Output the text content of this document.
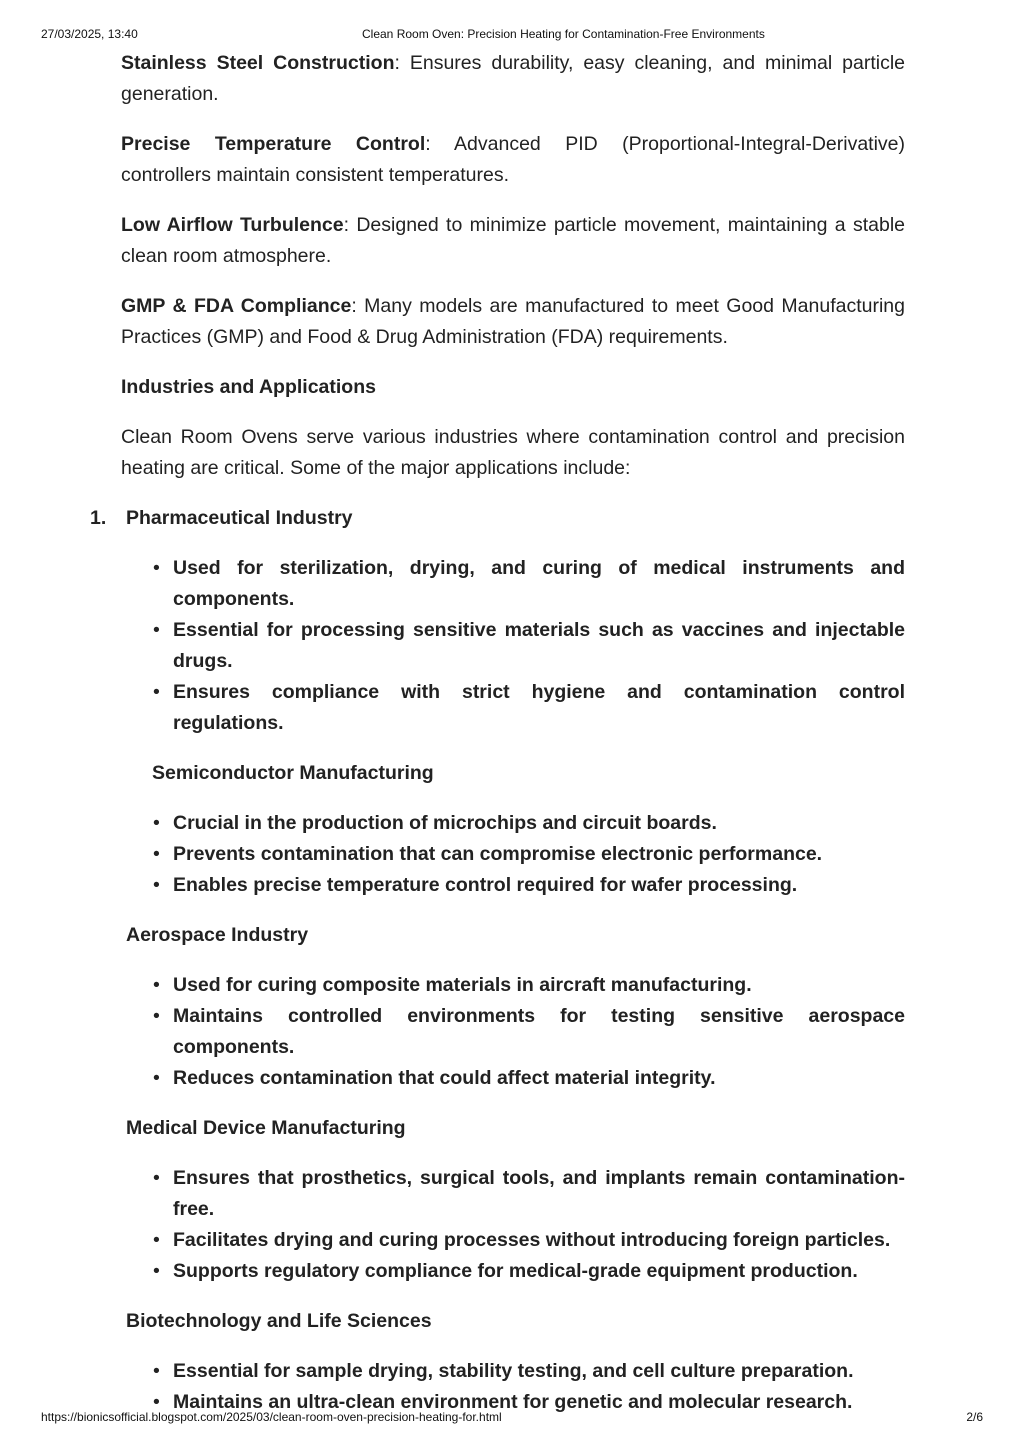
27/03/2025, 13:40	Clean Room Oven: Precision Heating for Contamination-Free Environments

Stainless Steel Construction: Ensures durability, easy cleaning, and minimal particle generation.

Precise Temperature Control: Advanced PID (Proportional-Integral-Derivative) controllers maintain consistent temperatures.

Low Airflow Turbulence: Designed to minimize particle movement, maintaining a stable clean room atmosphere.

GMP & FDA Compliance: Many models are manufactured to meet Good Manufacturing Practices (GMP) and Food & Drug Administration (FDA) requirements.

Industries and Applications

Clean Room Ovens serve various industries where contamination control and precision heating are critical. Some of the major applications include:

1. Pharmaceutical Industry
• Used for sterilization, drying, and curing of medical instruments and components.
• Essential for processing sensitive materials such as vaccines and injectable drugs.
• Ensures compliance with strict hygiene and contamination control regulations.
Semiconductor Manufacturing
• Crucial in the production of microchips and circuit boards.
• Prevents contamination that can compromise electronic performance.
• Enables precise temperature control required for wafer processing.
Aerospace Industry
• Used for curing composite materials in aircraft manufacturing.
• Maintains controlled environments for testing sensitive aerospace components.
• Reduces contamination that could affect material integrity.
Medical Device Manufacturing
• Ensures that prosthetics, surgical tools, and implants remain contamination-free.
• Facilitates drying and curing processes without introducing foreign particles.
• Supports regulatory compliance for medical-grade equipment production.
Biotechnology and Life Sciences
• Essential for sample drying, stability testing, and cell culture preparation.
• Maintains an ultra-clean environment for genetic and molecular research.
https://bionicsofficial.blogspot.com/2025/03/clean-room-oven-precision-heating-for.html	2/6
